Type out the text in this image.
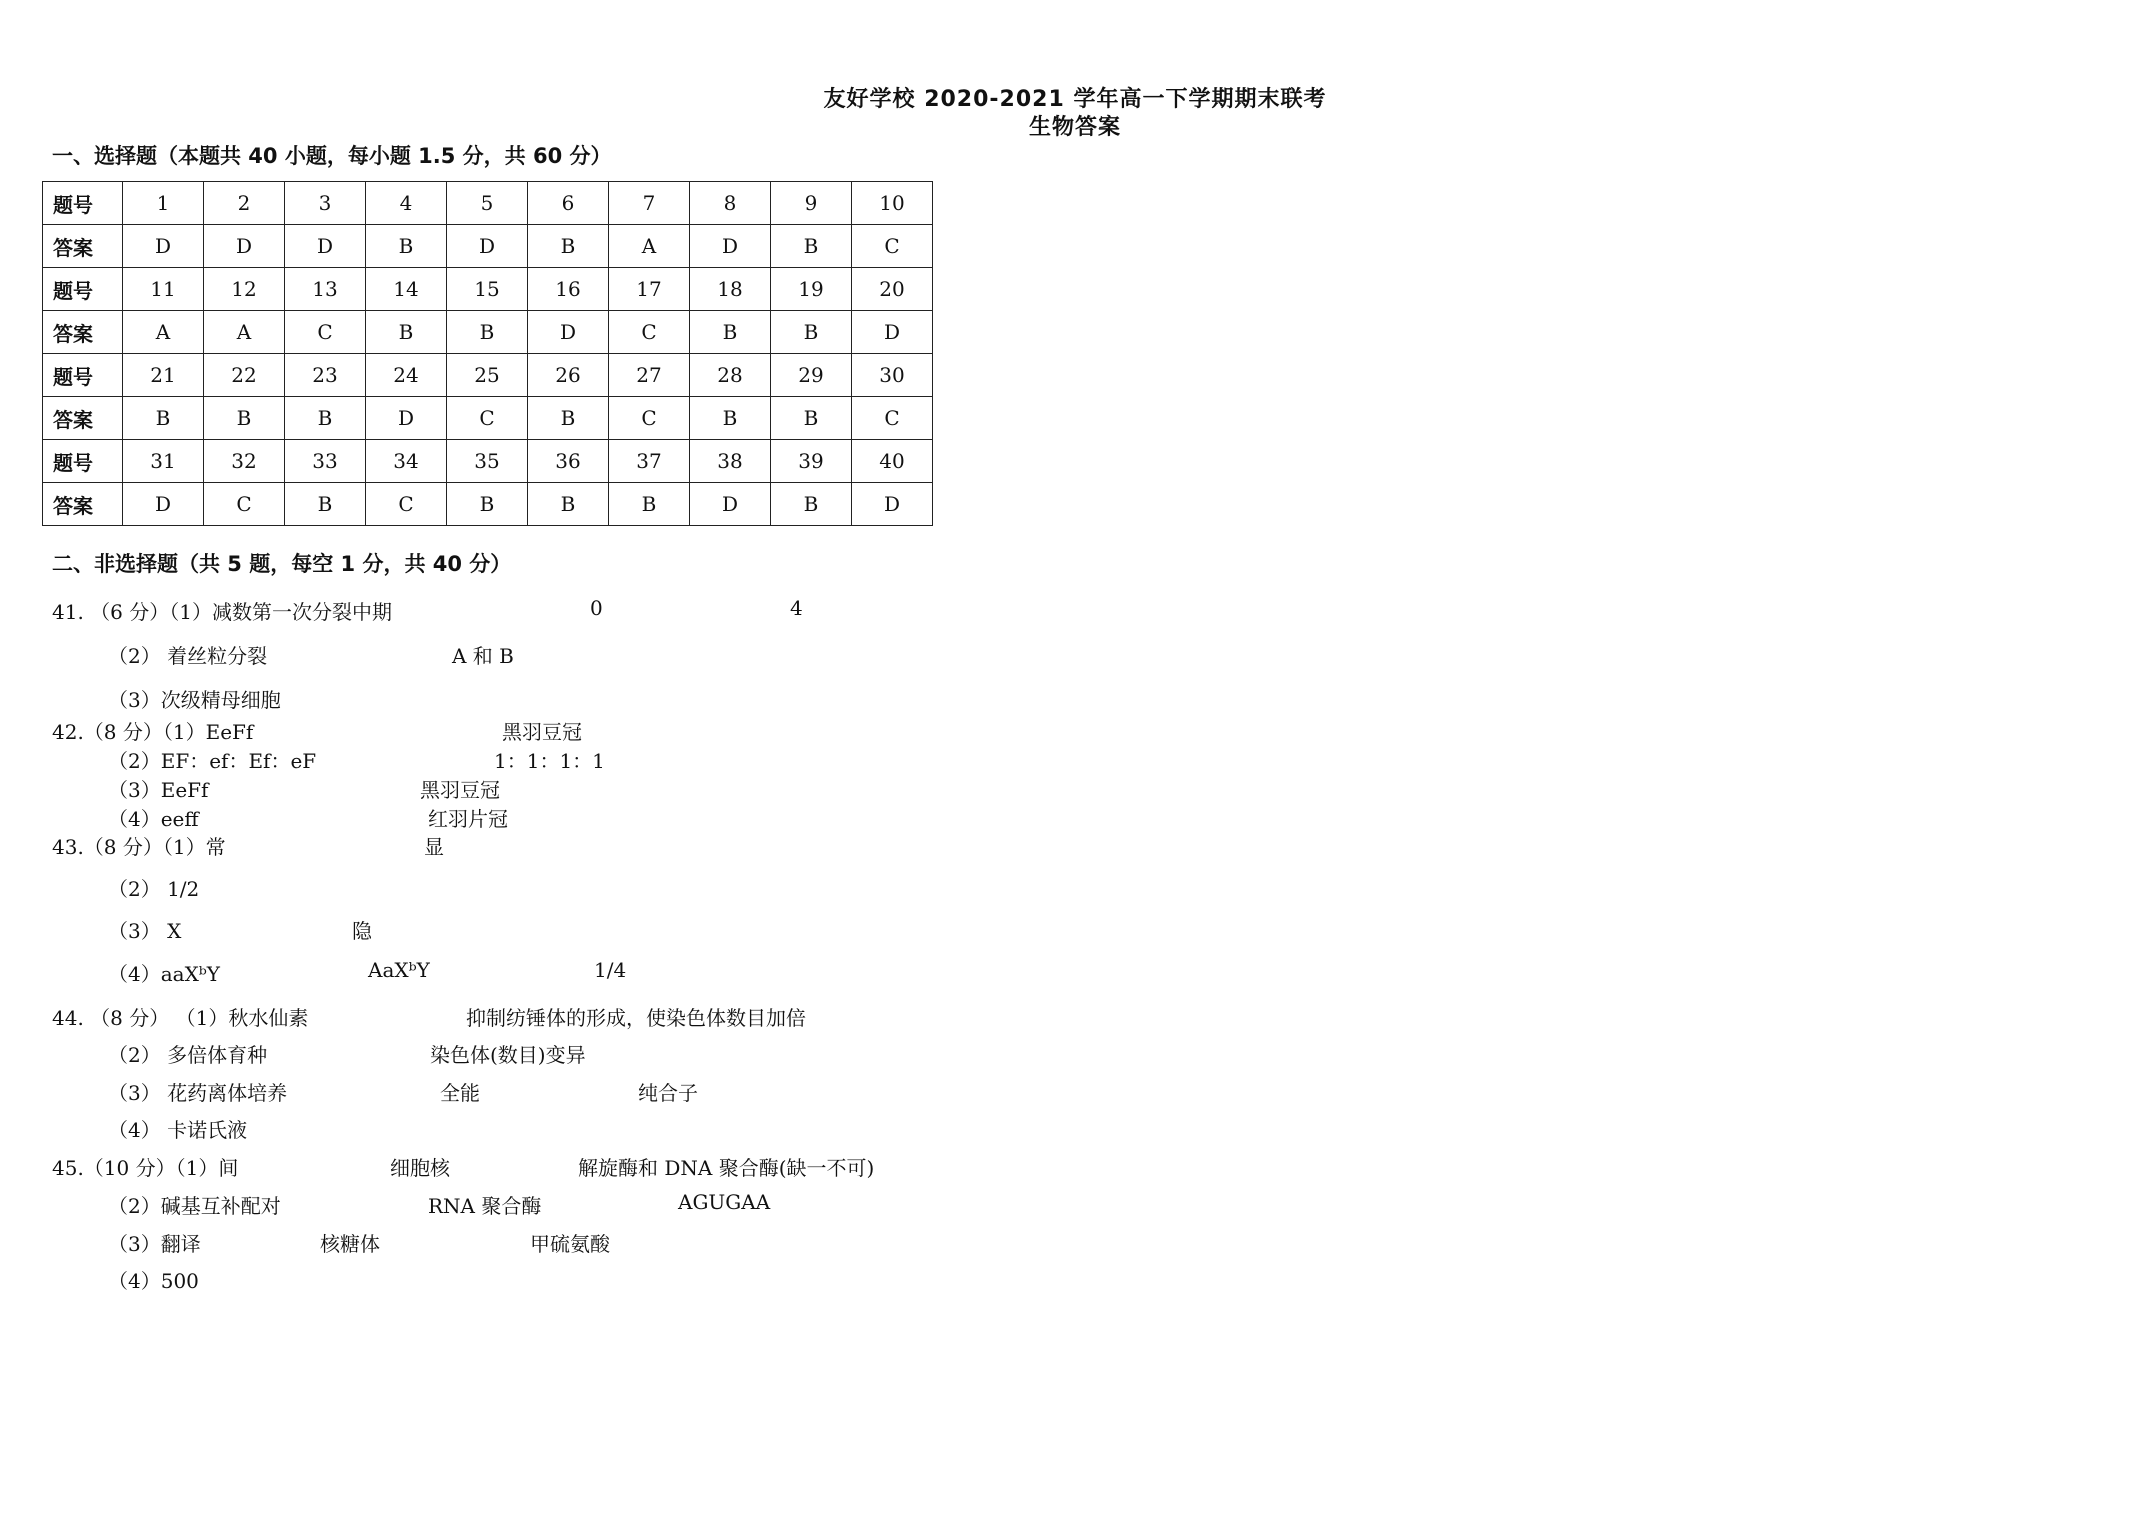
友好学校 2020-2021 学年高一下学期期末联考
生物答案
一、选择题（本题共 40 小题，每小题 1.5 分，共 60 分）
题号	1	2	3	4	5	6	7	8	9	10
答案	D	D	D	B	D	B	A	D	B	C
题号	11	12	13	14	15	16	17	18	19	20
答案	A	A	C	B	B	D	C	B	B	D
题号	21	22	23	24	25	26	27	28	29	30
答案	B	B	B	D	C	B	C	B	B	C
题号	31	32	33	34	35	36	37	38	39	40
答案	D	C	B	C	B	B	B	D	B	D
二、非选择题（共 5 题，每空 1 分，共 40 分）
41. （6 分）（1）减数第一次分裂中期	0	4
（2） 着丝粒分裂	A 和 B
（3）次级精母细胞
42.（8 分）（1）EeFf	黑羽豆冠
（2）EF：ef：Ef：eF	1：1：1：1
（3）EeFf	黑羽豆冠
（4）eeff	红羽片冠
43.（8 分）（1）常	显
（2） 1/2
（3） X	隐
（4）aaXᵇY	AaXᵇY	1/4
44. （8 分） （1）秋水仙素	抑制纺锤体的形成，使染色体数目加倍
（2） 多倍体育种	染色体(数目)变异
（3） 花药离体培养	全能	纯合子
（4） 卡诺氏液
45.（10 分）（1）间	细胞核	解旋酶和 DNA 聚合酶(缺一不可)
（2）碱基互补配对	RNA 聚合酶	AGUGAA
（3）翻译	核糖体	甲硫氨酸
（4）500
